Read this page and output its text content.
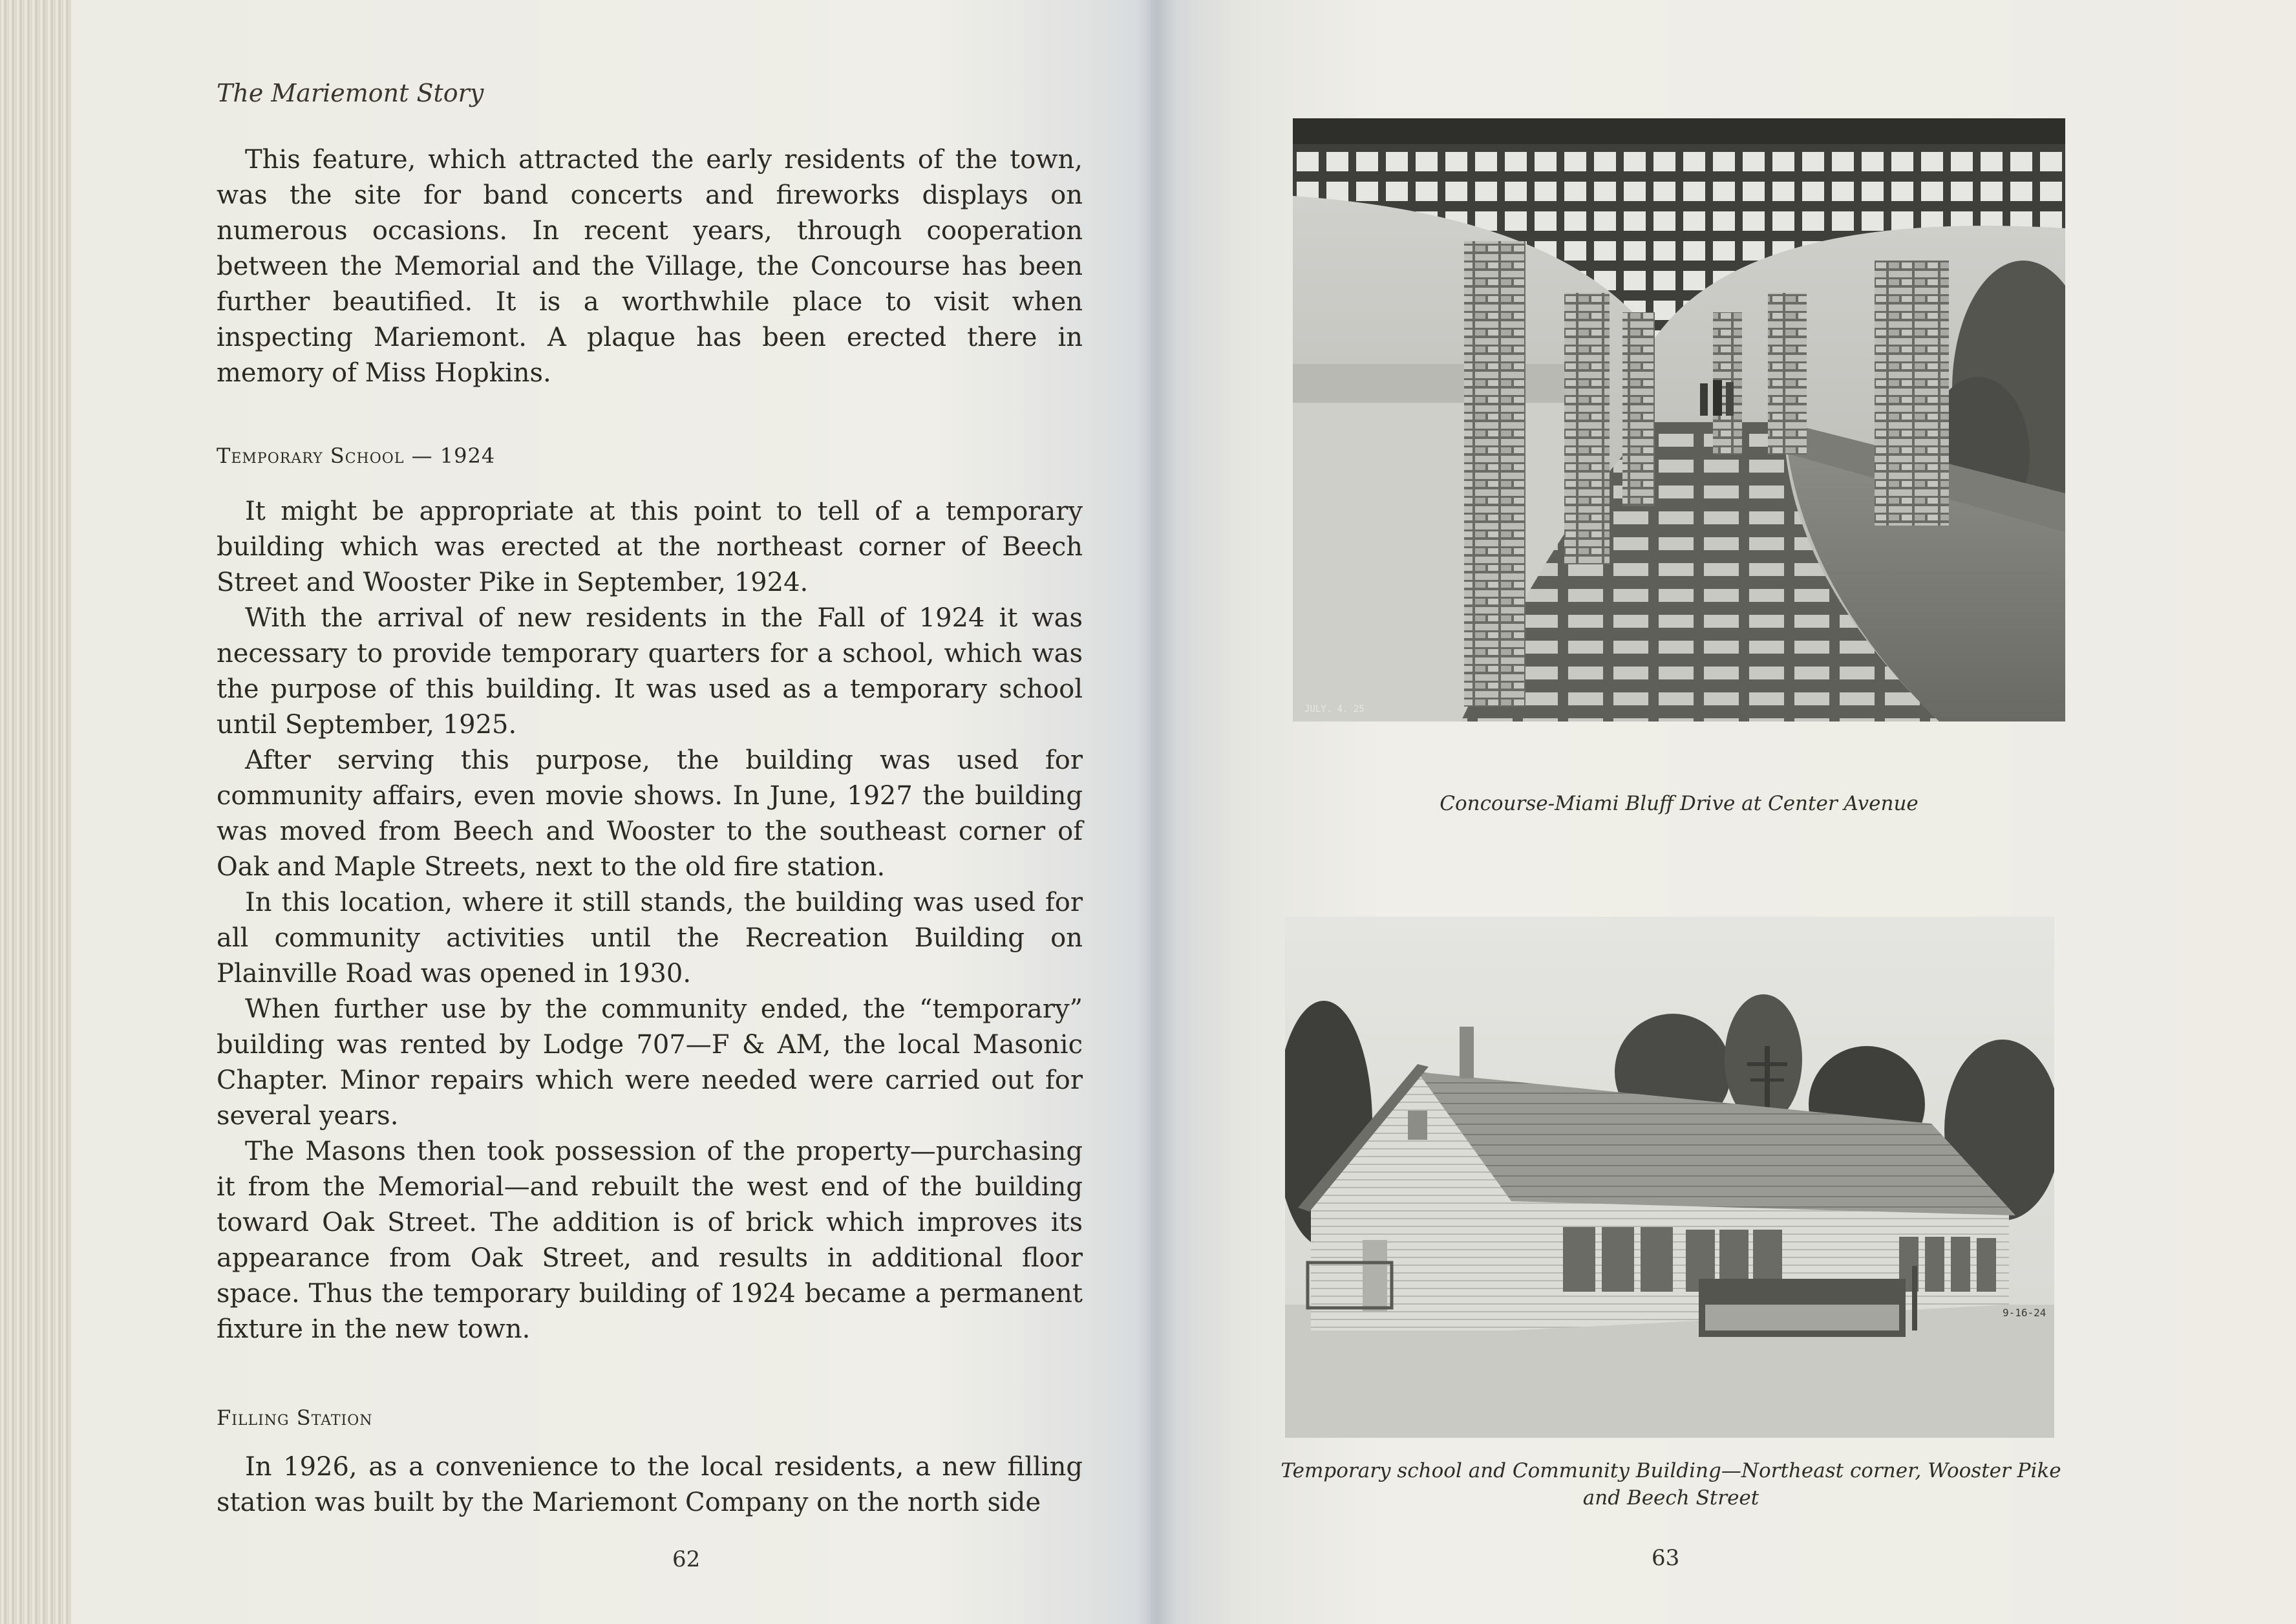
The Mariemont Story

This feature, which attracted the early residents of the town, was the site for band concerts and fireworks displays on numerous occasions. In recent years, through cooperation between the Memorial and the Village, the Concourse has been further beautified. It is a worthwhile place to visit when inspecting Mariemont. A plaque has been erected there in memory of Miss Hopkins.

Temporary School — 1924

It might be appropriate at this point to tell of a temporary building which was erected at the northeast corner of Beech Street and Wooster Pike in September, 1924.

With the arrival of new residents in the Fall of 1924 it was necessary to provide temporary quarters for a school, which was the purpose of this building. It was used as a temporary school until September, 1925.

After serving this purpose, the building was used for community affairs, even movie shows. In June, 1927 the building was moved from Beech and Wooster to the southeast corner of Oak and Maple Streets, next to the old fire station.

In this location, where it still stands, the building was used for all community activities until the Recreation Building on Plainville Road was opened in 1930.

When further use by the community ended, the “temporary” building was rented by Lodge 707—F & AM, the local Masonic Chapter. Minor repairs which were needed were carried out for several years.

The Masons then took possession of the property—purchasing it from the Memorial—and rebuilt the west end of the building toward Oak Street. The addition is of brick which improves its appearance from Oak Street, and results in additional floor space. Thus the temporary building of 1924 became a permanent fixture in the new town.

Filling Station

In 1926, as a convenience to the local residents, a new filling station was built by the Mariemont Company on the north side

62
JULY. 4. 25

Concourse-Miami Bluff Drive at Center Avenue

9-16-24

Temporary school and Community Building—Northeast corner, Wooster Pike and Beech Street

63
